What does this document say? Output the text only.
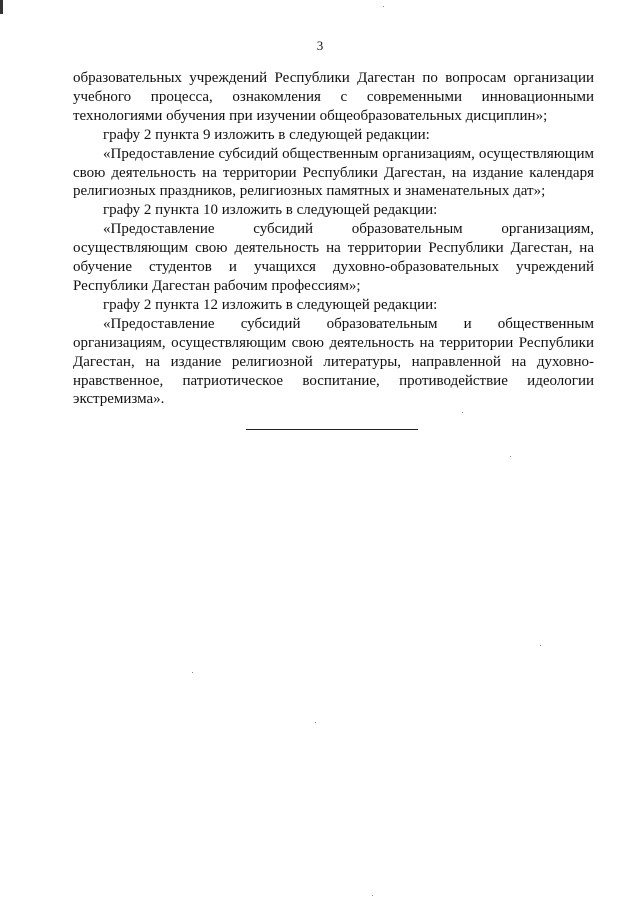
3

образовательных учреждений Республики Дагестан по вопросам организации учебного процесса, ознакомления с современными инновационными технологиями обучения при изучении общеобразовательных дисциплин»;

графу 2 пункта 9 изложить в следующей редакции:

«Предоставление субсидий общественным организациям, осуществляющим свою деятельность на территории Республики Дагестан, на издание календаря религиозных праздников, религиозных памятных и знаменательных дат»;

графу 2 пункта 10 изложить в следующей редакции:

«Предоставление субсидий образовательным организациям, осуществляющим свою деятельность на территории Республики Дагестан, на обучение студентов и учащихся духовно-образовательных учреждений Республики Дагестан рабочим профессиям»;

графу 2 пункта 12 изложить в следующей редакции:

«Предоставление субсидий образовательным и общественным организациям, осуществляющим свою деятельность на территории Республики Дагестан, на издание религиозной литературы, направленной на духовно-нравственное, патриотическое воспитание, противодействие идеологии экстремизма».
